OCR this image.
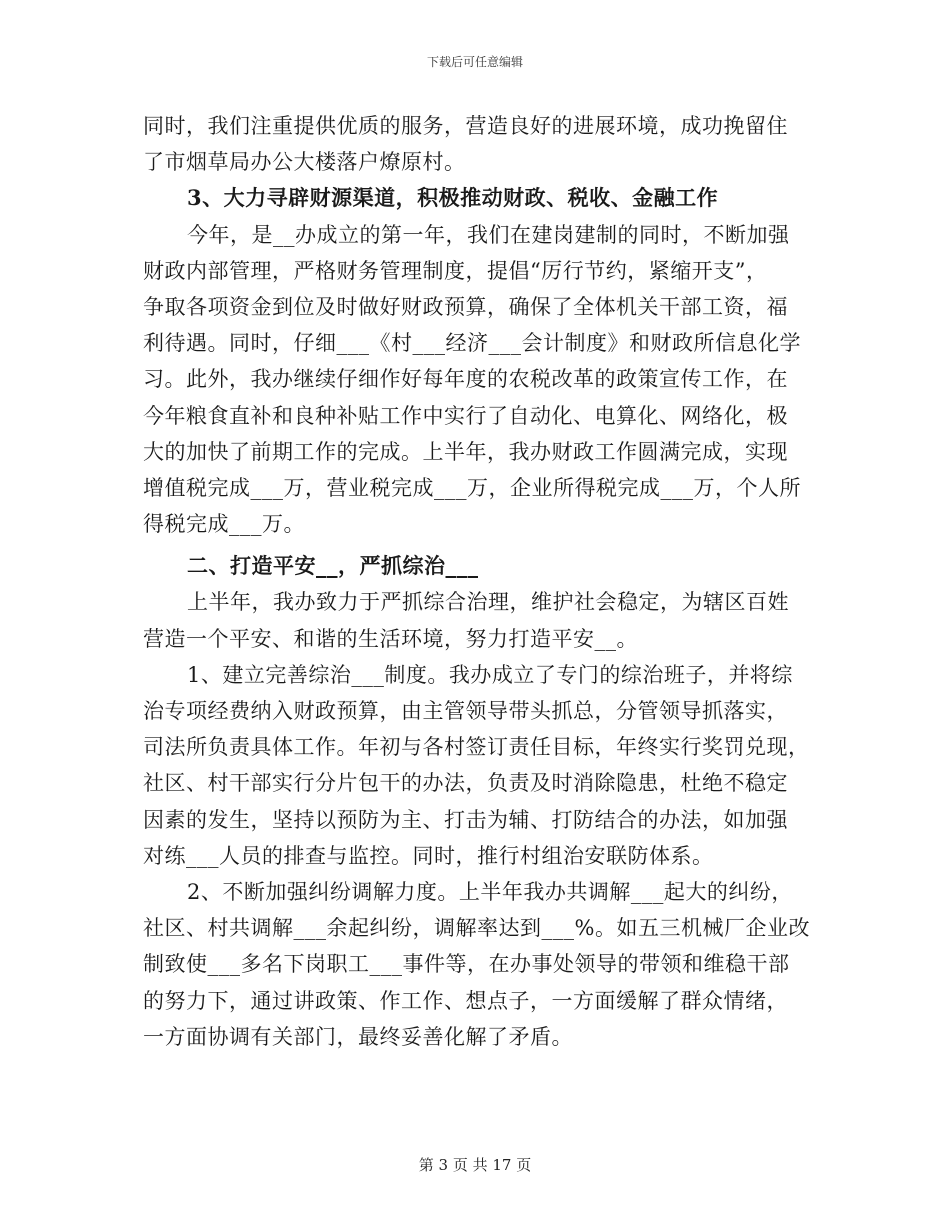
下载后可任意编辑
同时，我们注重提供优质的服务，营造良好的进展环境，成功挽留住
了市烟草局办公大楼落户燎原村。
3、大力寻辟财源渠道，积极推动财政、税收、金融工作
今年，是__办成立的第一年，我们在建岗建制的同时，不断加强
财政内部管理，严格财务管理制度，提倡“厉行节约，紧缩开支”，
争取各项资金到位及时做好财政预算，确保了全体机关干部工资，福
利待遇。同时，仔细___《村___经济___会计制度》和财政所信息化学
习。此外，我办继续仔细作好每年度的农税改革的政策宣传工作，在
今年粮食直补和良种补贴工作中实行了自动化、电算化、网络化，极
大的加快了前期工作的完成。上半年，我办财政工作圆满完成，实现
增值税完成___万，营业税完成___万，企业所得税完成___万，个人所
得税完成___万。
二、打造平安__，严抓综治___
上半年，我办致力于严抓综合治理，维护社会稳定，为辖区百姓
营造一个平安、和谐的生活环境，努力打造平安__。
1、建立完善综治___制度。我办成立了专门的综治班子，并将综
治专项经费纳入财政预算，由主管领导带头抓总，分管领导抓落实，
司法所负责具体工作。年初与各村签订责任目标，年终实行奖罚兑现，
社区、村干部实行分片包干的办法，负责及时消除隐患，杜绝不稳定
因素的发生，坚持以预防为主、打击为辅、打防结合的办法，如加强
对练___人员的排查与监控。同时，推行村组治安联防体系。
2、不断加强纠纷调解力度。上半年我办共调解___起大的纠纷，
社区、村共调解___余起纠纷，调解率达到___%。如五三机械厂企业改
制致使___多名下岗职工___事件等，在办事处领导的带领和维稳干部
的努力下，通过讲政策、作工作、想点子，一方面缓解了群众情绪，
一方面协调有关部门，最终妥善化解了矛盾。
第 3 页 共 17 页
